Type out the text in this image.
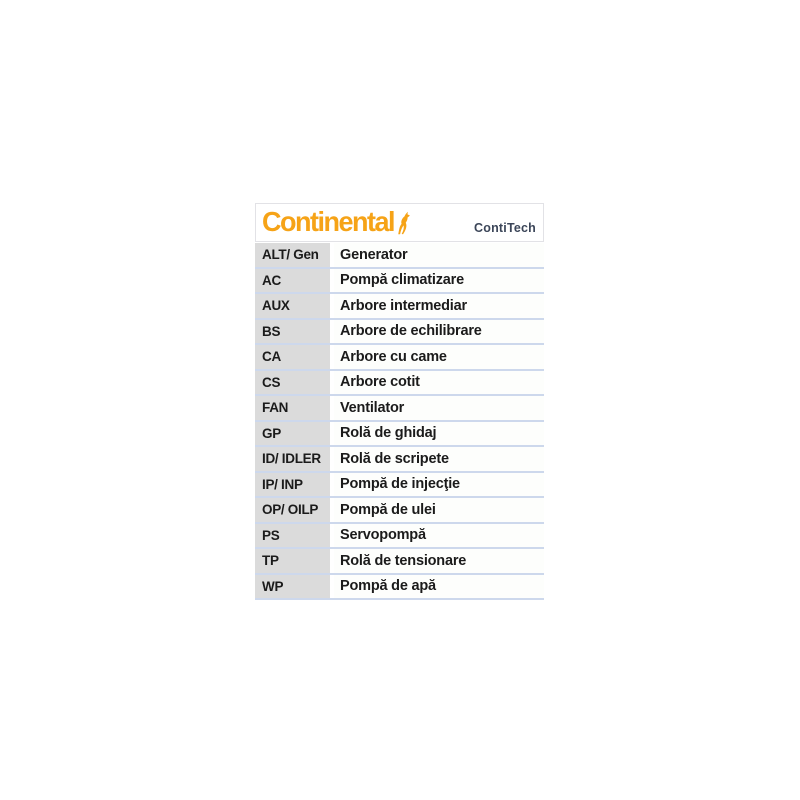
Continental	ContiTech
ALT/ Gen	Generator
AC	Pompă climatizare
AUX	Arbore intermediar
BS	Arbore de echilibrare
CA	Arbore cu came
CS	Arbore cotit
FAN	Ventilator
GP	Rolă de ghidaj
ID/ IDLER	Rolă de scripete
IP/ INP	Pompă de injecţie
OP/ OILP	Pompă de ulei
PS	Servopompă
TP	Rolă de tensionare
WP	Pompă de apă
